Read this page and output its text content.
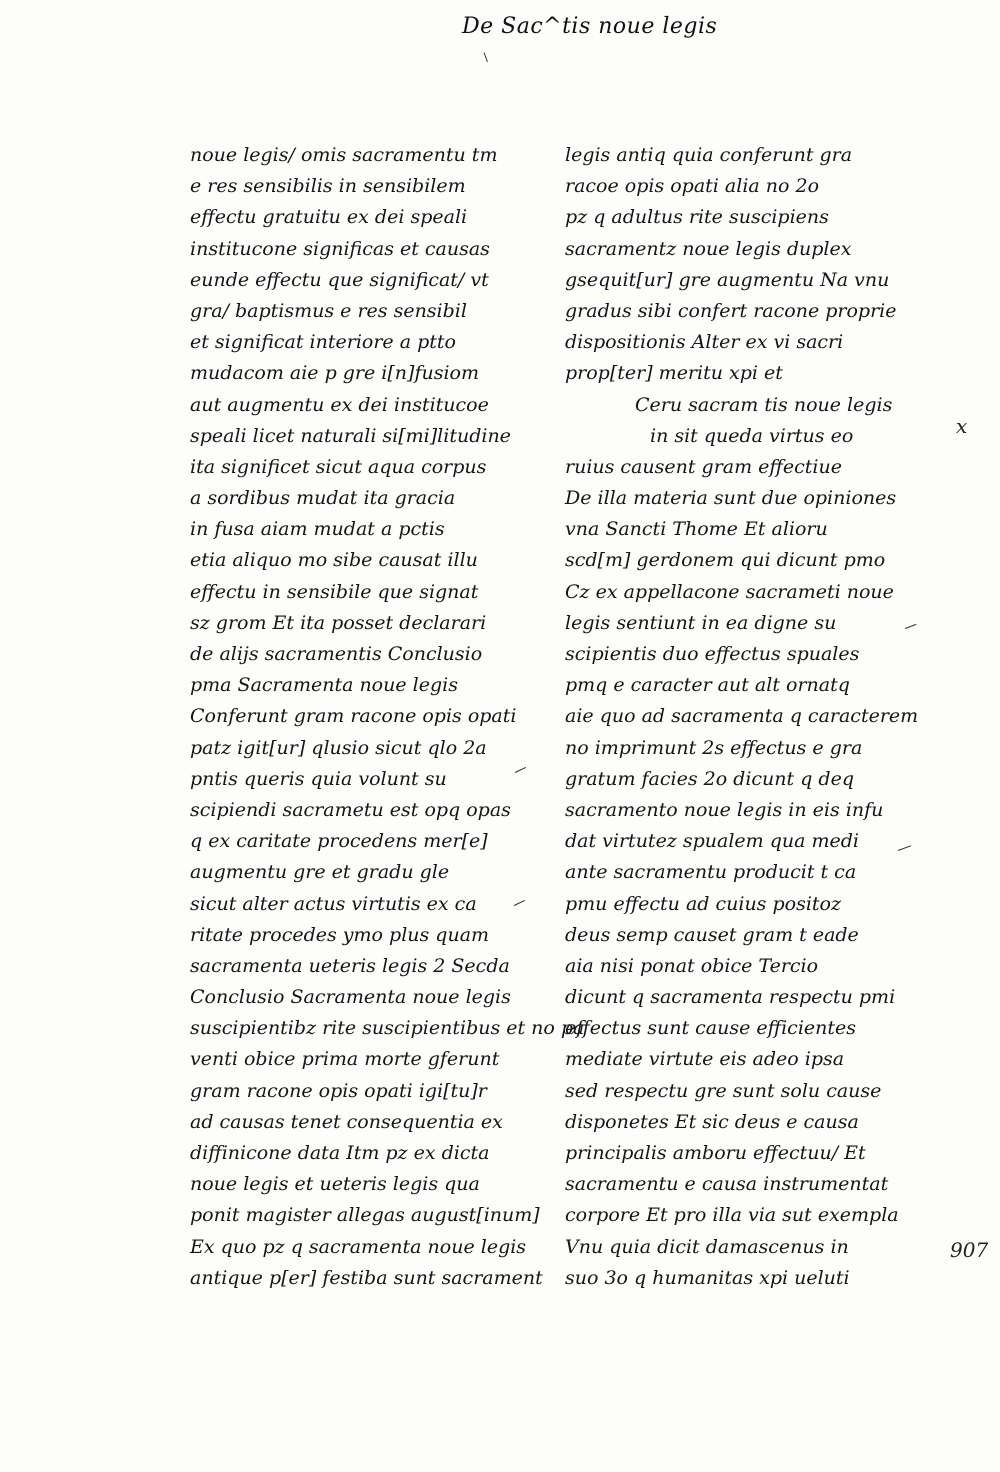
De Sac^tis noue legis
noue legis/ omis sacramentu tm
e res sensibilis in sensibilem
effectu gratuitu ex dei speali
institucone significas et causas
eunde effectu que significat/ vt
gra/ baptismus e res sensibil
et significat interiore a ptto
mudacom aie p gre i[n]fusiom
aut augmentu ex dei institucoe
speali licet naturali si[mi]litudine
ita significet sicut aqua corpus
a sordibus mudat ita gracia
in fusa aiam mudat a pctis
etia aliquo mo sibe causat illu
effectu in sensibile que signat
sz grom Et ita posset declarari
de alijs sacramentis Conclusio
pma Sacramenta noue legis
Conferunt gram racone opis opati
patz igit[ur] qlusio sicut qlo 2a
pntis queris quia volunt su
scipiendi sacrametu est opq opas
q ex caritate procedens mer[e]
augmentu gre et gradu gle
sicut alter actus virtutis ex ca
ritate procedes ymo plus quam
sacramenta ueteris legis 2 Secda
Conclusio Sacramenta noue legis
suscipientibz rite suscipientibus et no pa
venti obice prima morte gferunt
gram racone opis opati igi[tu]r
ad causas tenet consequentia ex
diffinicone data Itm pz ex dicta
noue legis et ueteris legis qua
ponit magister allegas august[inum]
Ex quo pz q sacramenta noue legis
antique p[er] festiba sunt sacrament
legis antiq quia conferunt gra
racoe opis opati alia no 2o
pz q adultus rite suscipiens
sacramentz noue legis duplex
gsequit[ur] gre augmentu Na vnu
gradus sibi confert racone proprie
dispositionis Alter ex vi sacri
prop[ter] meritu xpi et
Ceru sacram tis noue legis
in sit queda virtus eo
ruius causent gram effectiue
De illa materia sunt due opiniones
vna Sancti Thome Et alioru
scd[m] gerdonem qui dicunt pmo
Cz ex appellacone sacrameti noue
legis sentiunt in ea digne su
scipientis duo effectus spuales
pmq e caracter aut alt ornatq
aie quo ad sacramenta q caracterem
no imprimunt 2s effectus e gra
gratum facies 2o dicunt q deq
sacramento noue legis in eis infu
dat virtutez spualem qua medi
ante sacramentu producit t ca
pmu effectu ad cuius positoz
deus semp causet gram t eade
aia nisi ponat obice Tercio
dicunt q sacramenta respectu pmi
effectus sunt cause efficientes
mediate virtute eis adeo ipsa
sed respectu gre sunt solu cause
disponetes Et sic deus e causa
principalis amboru effectuu/ Et
sacramentu e causa instrumentat
corpore Et pro illa via sut exempla
Vnu quia dicit damascenus in
suo 3o q humanitas xpi ueluti
x
907
